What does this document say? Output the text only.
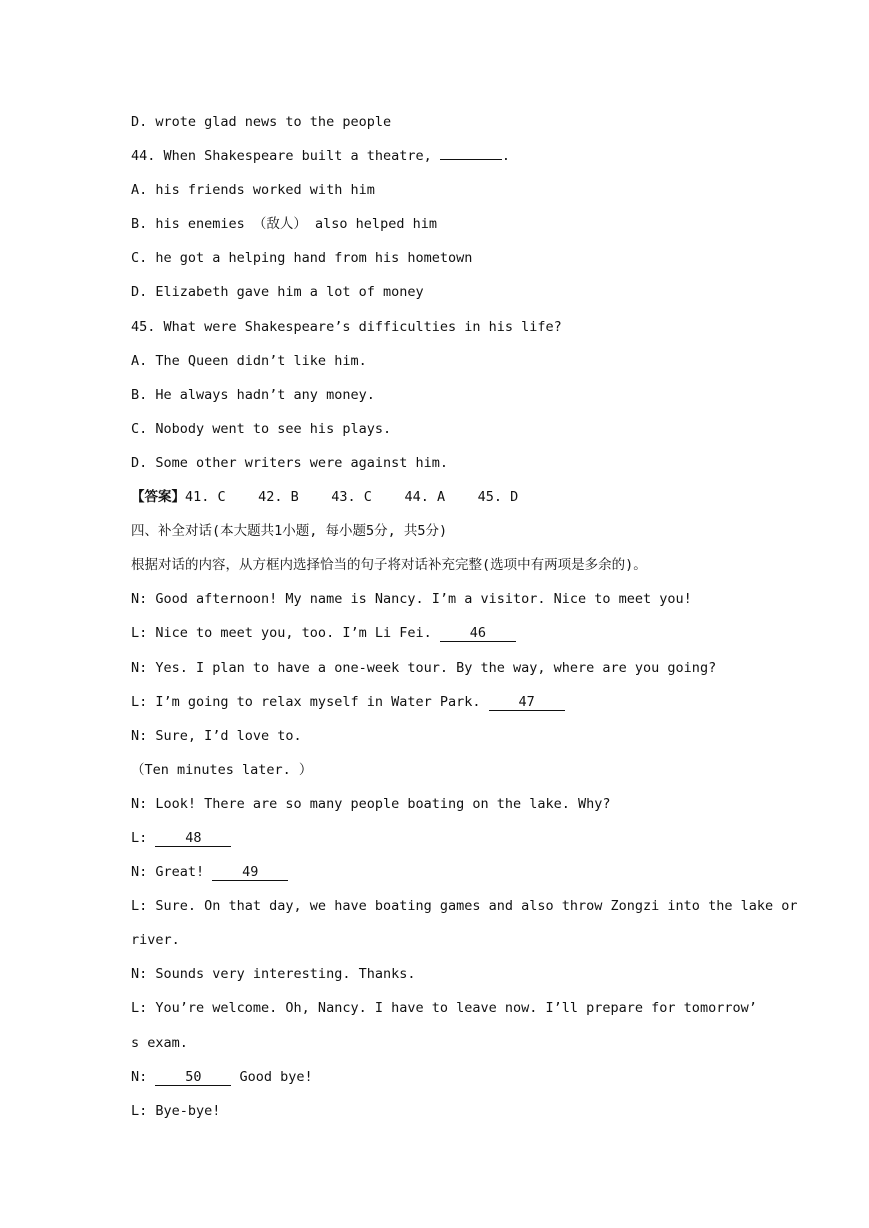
D. wrote glad news to the people
44. When Shakespeare built a theatre,	.
A. his friends worked with him
B. his enemies （敌人） also helped him
C. he got a helping hand from his hometown
D. Elizabeth gave him a lot of money
45. What were Shakespeare’s difficulties in his life?
A. The Queen didn’t like him.
B. He always hadn’t any money.
C. Nobody went to see his plays.
D. Some other writers were against him.
【答案】41. C    42. B    43. C    44. A    45. D
四、补全对话(本大题共1小题, 每小题5分, 共5分)
根据对话的内容，从方框内选择恰当的句子将对话补充完整(选项中有两项是多余的)。
N: Good afternoon! My name is Nancy. I’m a visitor. Nice to meet you!
L: Nice to meet you, too. I’m Li Fei. 46
N: Yes. I plan to have a one-week tour. By the way, where are you going?
L: I’m going to relax myself in Water Park. 47
N: Sure, I’d love to.
（Ten minutes later. ）
N: Look! There are so many people boating on the lake. Why?
L: 48
N: Great! 49
L: Sure. On that day, we have boating games and also throw Zongzi into the lake or
river.
N: Sounds very interesting. Thanks.
L: You’re welcome. Oh, Nancy. I have to leave now. I’ll prepare for tomorrow’
s exam.
N: 50 Good bye!
L: Bye-bye!
